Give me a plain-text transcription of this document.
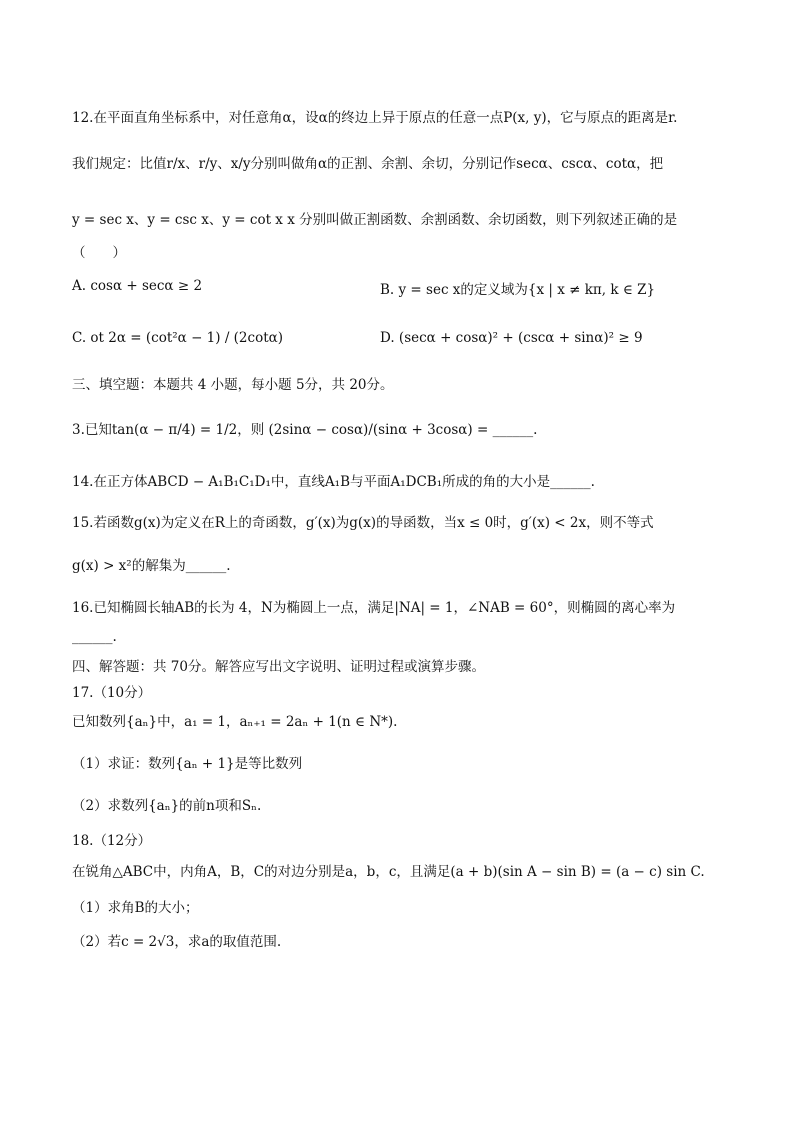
12.在平面直角坐标系中，对任意角α，设α的终边上异于原点的任意一点P(x, y)，它与原点的距离是r.
我们规定：比值r/x、r/y、x/y分别叫做角α的正割、余割、余切，分别记作secα、cscα、cotα，把
y = sec x、y = csc x、y = cot x x 分别叫做正割函数、余割函数、余切函数，则下列叙述正确的是
（　　）
A. cosα + secα ≥ 2	B. y = sec x的定义域为{x | x ≠ kπ, k ∈ Z}
C. ot 2α = (cot²α − 1) / (2cotα)	D. (secα + cosα)² + (cscα + sinα)² ≥ 9
三、填空题：本题共 4 小题，每小题 5分，共 20分。
3.已知tan(α − π/4) = 1/2，则 (2sinα − cosα)/(sinα + 3cosα) = ______.
14.在正方体ABCD − A₁B₁C₁D₁中，直线A₁B与平面A₁DCB₁所成的角的大小是______.
15.若函数g(x)为定义在R上的奇函数，g′(x)为g(x)的导函数，当x ≤ 0时，g′(x) < 2x，则不等式
g(x) > x²的解集为______.
16.已知椭圆长轴AB的长为 4，N为椭圆上一点，满足|NA| = 1，∠NAB = 60°，则椭圆的离心率为
______.
四、解答题：共 70分。解答应写出文字说明、证明过程或演算步骤。
17.（10分）
已知数列{aₙ}中，a₁ = 1，aₙ₊₁ = 2aₙ + 1(n ∈ N*).
（1）求证：数列{aₙ + 1}是等比数列
（2）求数列{aₙ}的前n项和Sₙ.
18.（12分）
在锐角△ABC中，内角A，B，C的对边分别是a，b，c，且满足(a + b)(sin A − sin B) = (a − c) sin C.
（1）求角B的大小；
（2）若c = 2√3，求a的取值范围.
